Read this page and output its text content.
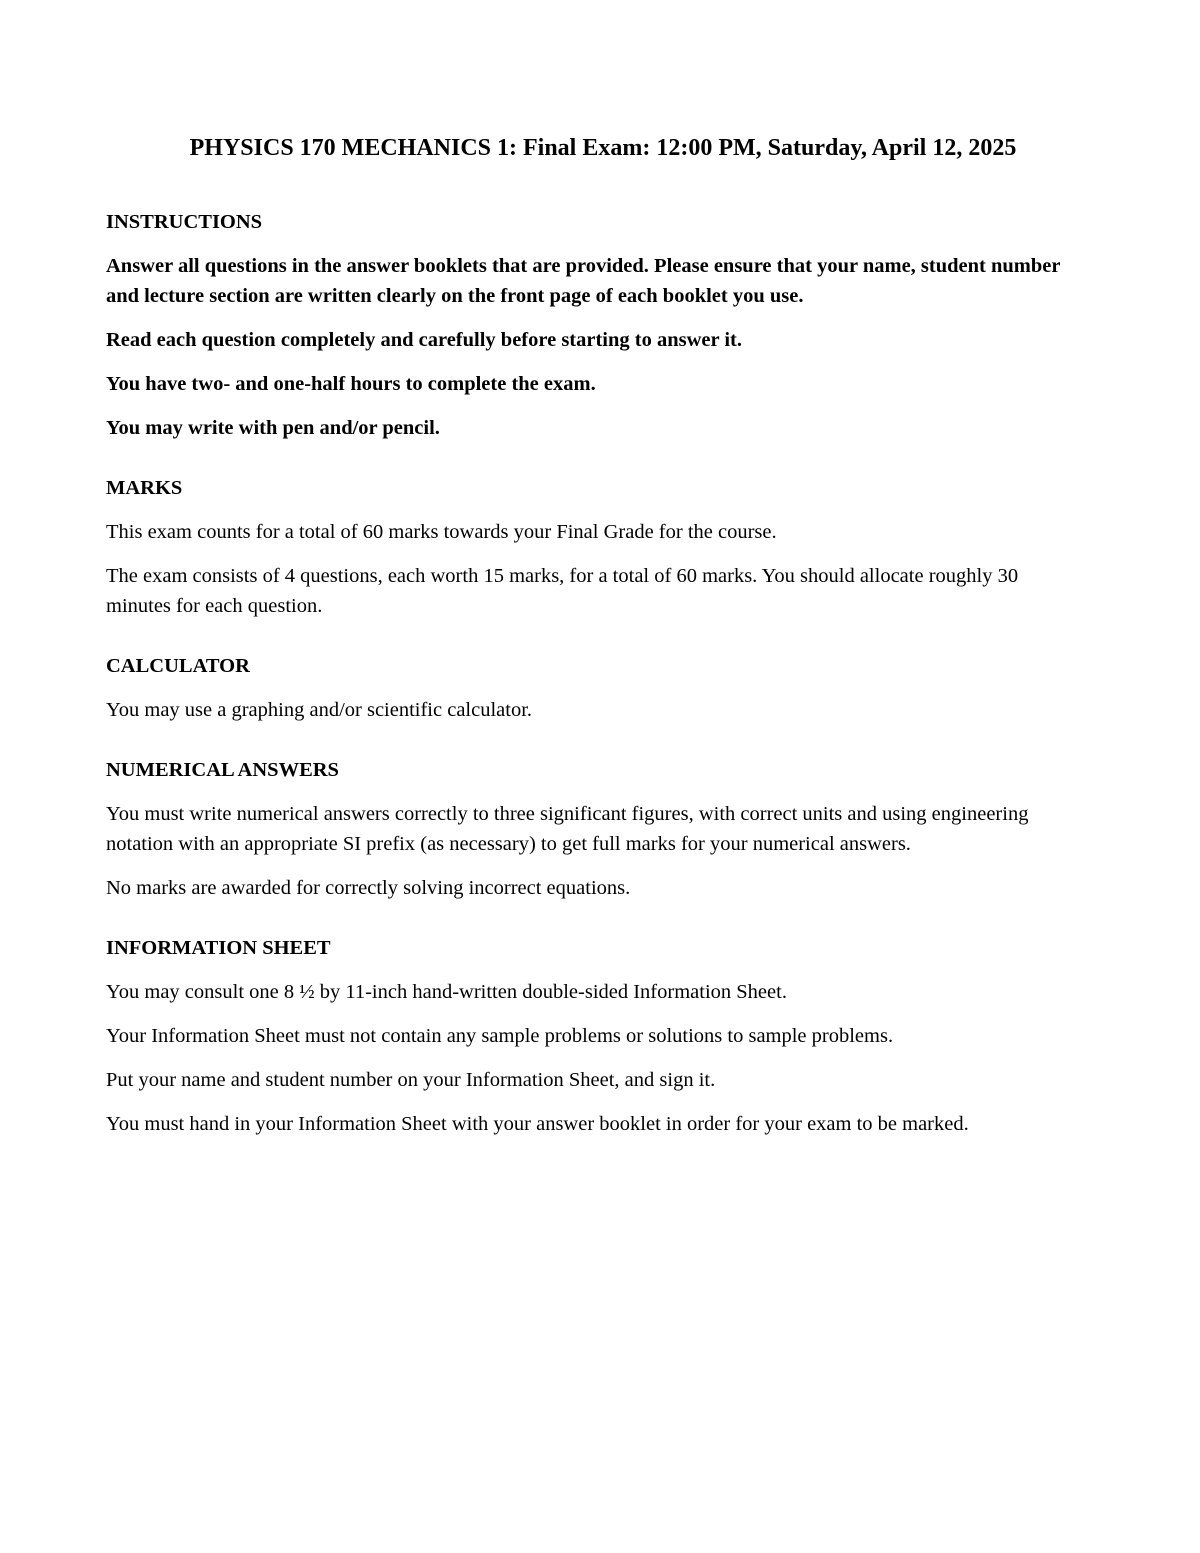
PHYSICS 170 MECHANICS 1: Final Exam: 12:00 PM, Saturday, April 12, 2025

INSTRUCTIONS

Answer all questions in the answer booklets that are provided. Please ensure that your name, student number and lecture section are written clearly on the front page of each booklet you use.

Read each question completely and carefully before starting to answer it.

You have two- and one-half hours to complete the exam.

You may write with pen and/or pencil.

MARKS

This exam counts for a total of 60 marks towards your Final Grade for the course.

The exam consists of 4 questions, each worth 15 marks, for a total of 60 marks. You should allocate roughly 30 minutes for each question.

CALCULATOR

You may use a graphing and/or scientific calculator.

NUMERICAL ANSWERS

You must write numerical answers correctly to three significant figures, with correct units and using engineering notation with an appropriate SI prefix (as necessary) to get full marks for your numerical answers.

No marks are awarded for correctly solving incorrect equations.

INFORMATION SHEET

You may consult one 8 ½ by 11-inch hand-written double-sided Information Sheet.

Your Information Sheet must not contain any sample problems or solutions to sample problems.

Put your name and student number on your Information Sheet, and sign it.

You must hand in your Information Sheet with your answer booklet in order for your exam to be marked.
